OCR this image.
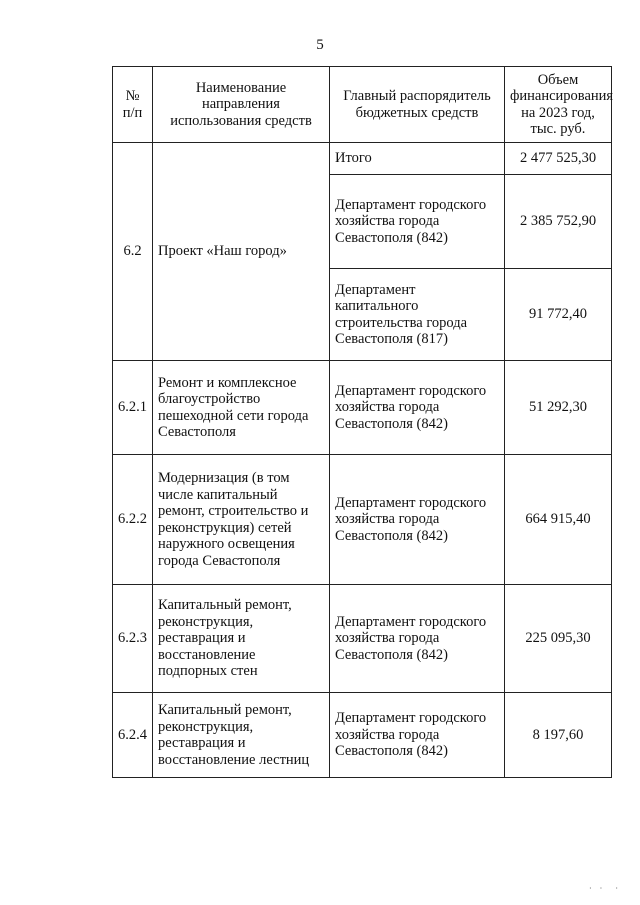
5
№ п/п	Наименование направления использования средств	Главный распорядитель бюджетных средств	Объем финансирования на 2023 год, тыс. руб.
6.2	Проект «Наш город»	Итого	2 477 525,30
		Департамент городского хозяйства города Севастополя (842)	2 385 752,90
		Департамент капитального строительства города Севастополя (817)	91 772,40
6.2.1	Ремонт и комплексное благоустройство пешеходной сети города Севастополя	Департамент городского хозяйства города Севастополя (842)	51 292,30
6.2.2	Модернизация (в том числе капитальный ремонт, строительство и реконструкция) сетей наружного освещения города Севастополя	Департамент городского хозяйства города Севастополя (842)	664 915,40
6.2.3	Капитальный ремонт, реконструкция, реставрация и восстановление подпорных стен	Департамент городского хозяйства города Севастополя (842)	225 095,30
6.2.4	Капитальный ремонт, реконструкция, реставрация и восстановление лестниц	Департамент городского хозяйства города Севастополя (842)	8 197,60
· ·  ·
